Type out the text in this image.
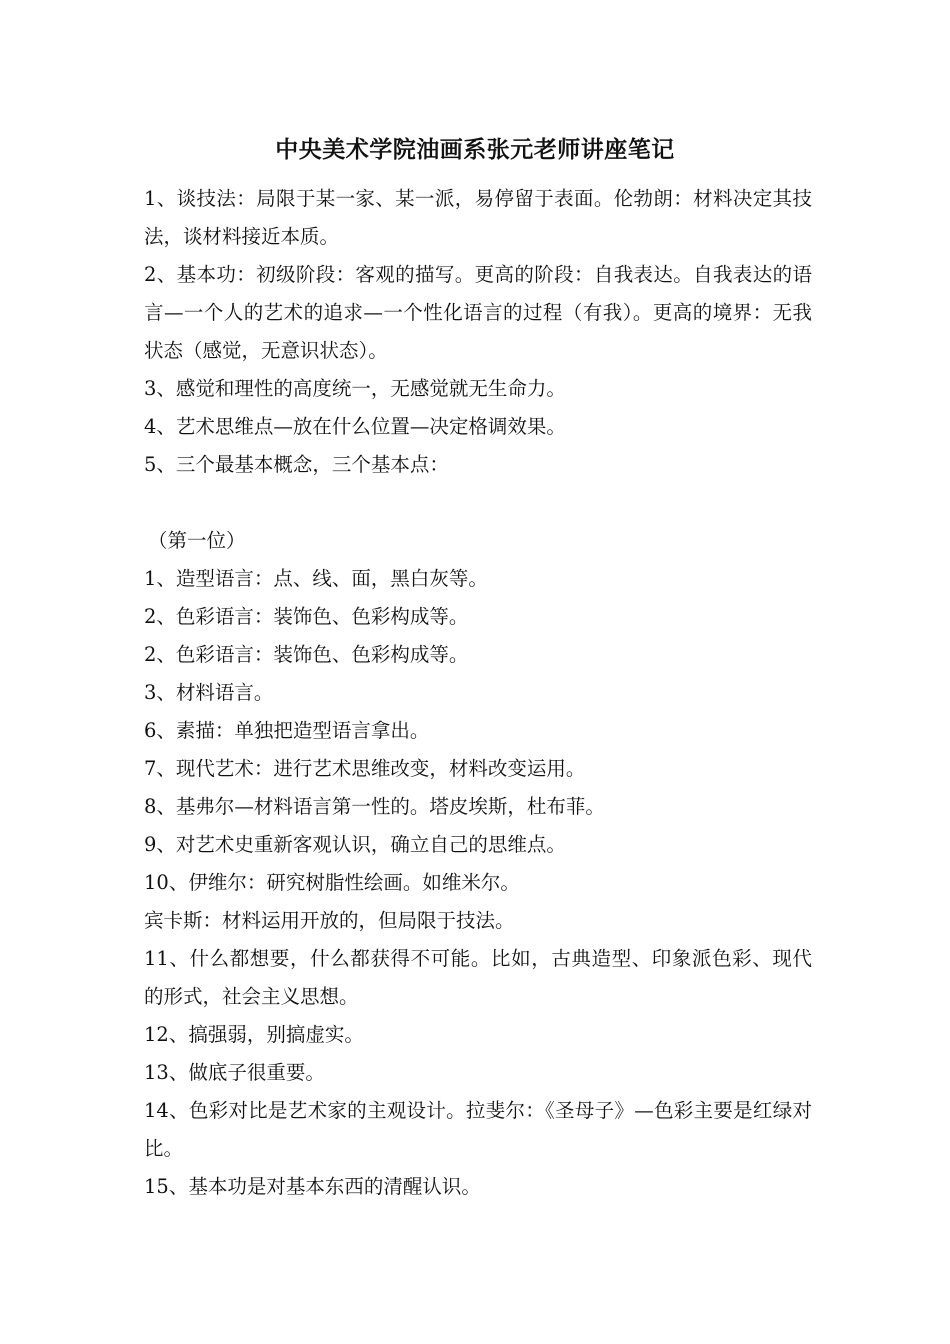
中央美术学院油画系张元老师讲座笔记

1、谈技法：局限于某一家、某一派，易停留于表面。伦勃朗：材料决定其技法，谈材料接近本质。

2、基本功：初级阶段：客观的描写。更高的阶段：自我表达。自我表达的语言—一个人的艺术的追求—一个性化语言的过程（有我）。更高的境界：无我状态（感觉，无意识状态）。

3、感觉和理性的高度统一，无感觉就无生命力。

4、艺术思维点—放在什么位置—决定格调效果。

5、三个最基本概念，三个基本点：

（第一位）

1、造型语言：点、线、面，黑白灰等。

2、色彩语言：装饰色、色彩构成等。

2、色彩语言：装饰色、色彩构成等。

3、材料语言。

6、素描：单独把造型语言拿出。

7、现代艺术：进行艺术思维改变，材料改变运用。

8、基弗尔—材料语言第一性的。塔皮埃斯，杜布菲。

9、对艺术史重新客观认识，确立自己的思维点。

10、伊维尔：研究树脂性绘画。如维米尔。

宾卡斯：材料运用开放的，但局限于技法。

11、什么都想要，什么都获得不可能。比如，古典造型、印象派色彩、现代的形式，社会主义思想。

12、搞强弱，别搞虚实。

13、做底子很重要。

14、色彩对比是艺术家的主观设计。拉斐尔：《圣母子》—色彩主要是红绿对比。

15、基本功是对基本东西的清醒认识。
